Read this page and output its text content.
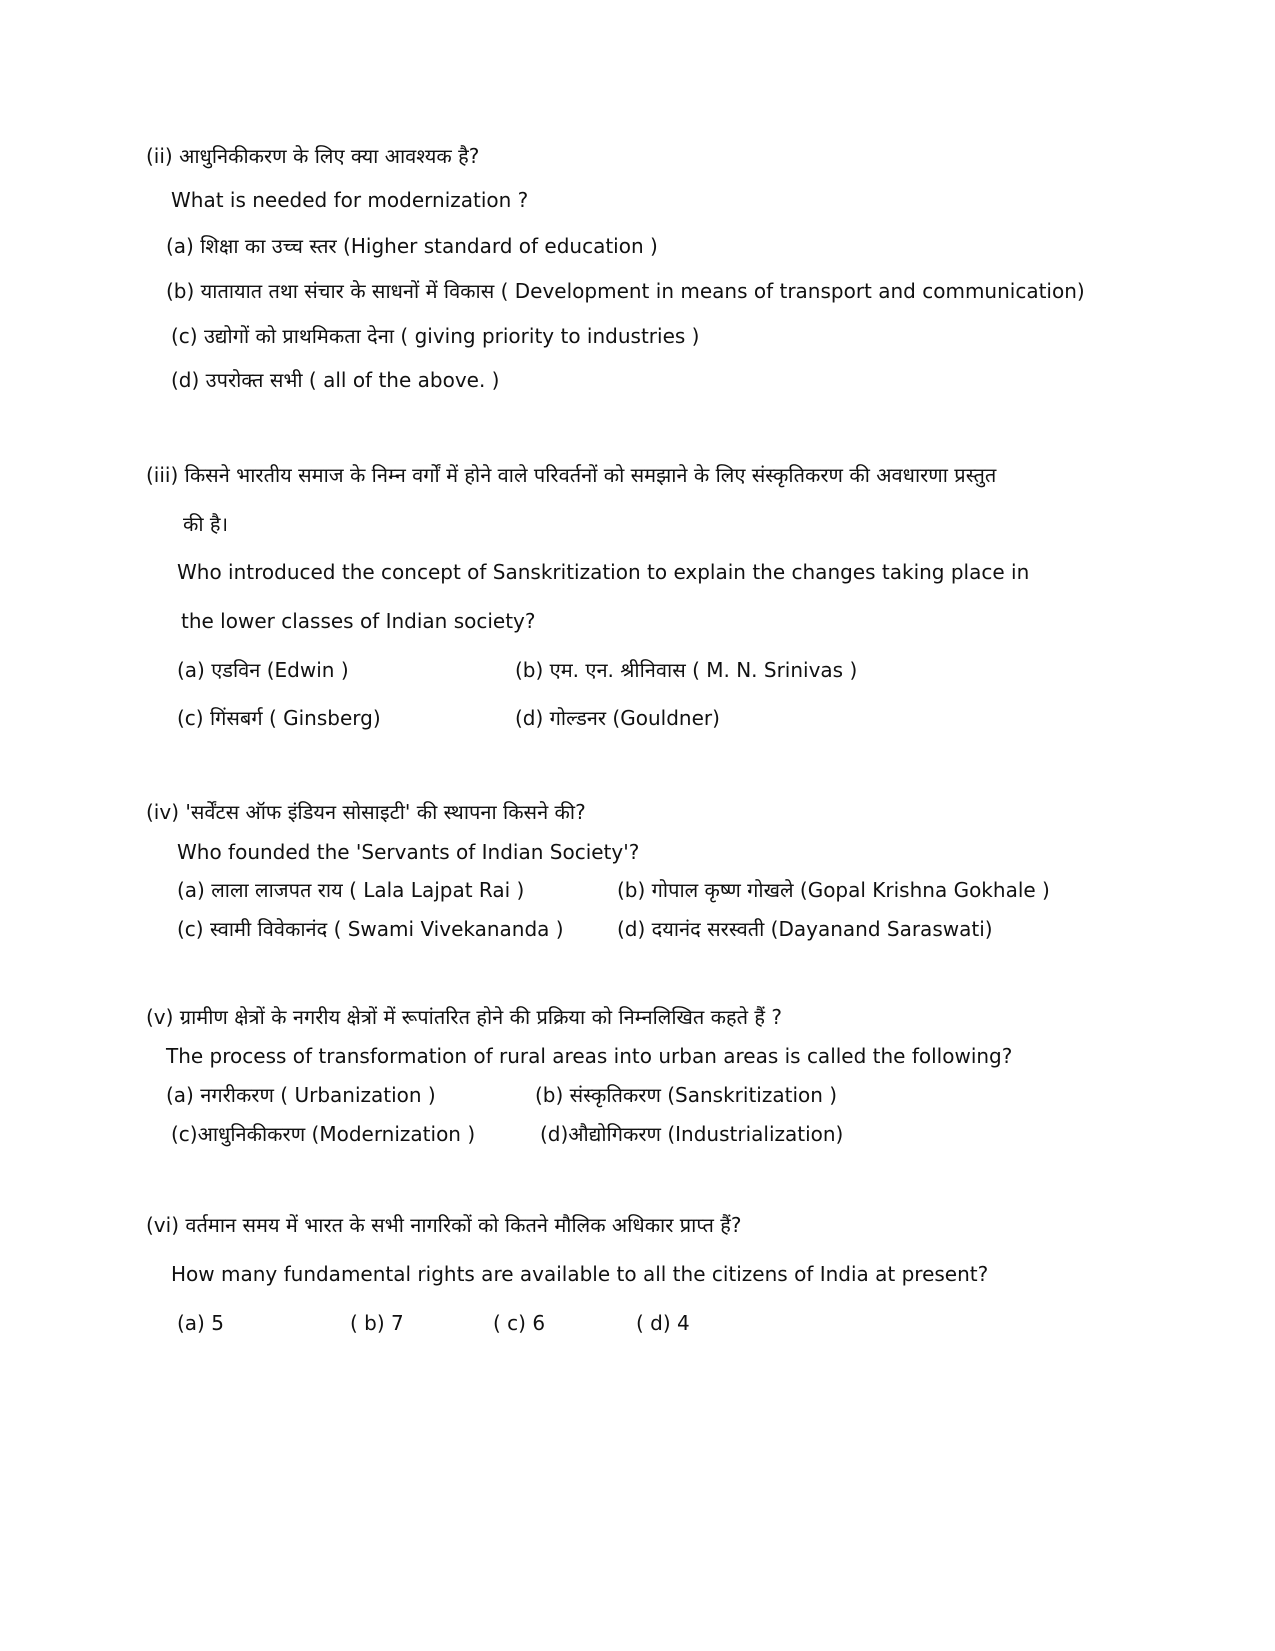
(ii) आधुनिकीकरण के लिए क्या आवश्यक है?
What is needed for modernization ?
(a) शिक्षा का उच्च स्तर (Higher standard of education )
(b) यातायात तथा संचार के साधनों में विकास ( Development in means of transport and communication)
(c) उद्योगों को प्राथमिकता देना ( giving priority to industries )
(d) उपरोक्त सभी ( all of the above. )
(iii) किसने भारतीय समाज के निम्न वर्गों में होने वाले परिवर्तनों को समझाने के लिए संस्कृतिकरण की अवधारणा प्रस्तुत
की है।
Who introduced the concept of Sanskritization to explain the changes taking place in
the lower classes of Indian society?
(a) एडविन (Edwin )	(b) एम. एन. श्रीनिवास ( M. N. Srinivas )
(c) गिंसबर्ग ( Ginsberg)	(d) गोल्डनर (Gouldner)
(iv) 'सर्वेंटस ऑफ इंडियन सोसाइटी' की स्थापना किसने की?
Who founded the 'Servants of Indian Society'?
(a) लाला लाजपत राय ( Lala Lajpat Rai )	(b) गोपाल कृष्ण गोखले (Gopal Krishna Gokhale )
(c) स्वामी विवेकानंद ( Swami Vivekananda )	(d) दयानंद सरस्वती (Dayanand Saraswati)
(v) ग्रामीण क्षेत्रों के नगरीय क्षेत्रों में रूपांतरित होने की प्रक्रिया को निम्नलिखित कहते हैं ?
The process of transformation of rural areas into urban areas is called the following?
(a) नगरीकरण ( Urbanization )	(b) संस्कृतिकरण (Sanskritization )
(c)आधुनिकीकरण (Modernization )	(d)औद्योगिकरण (Industrialization)
(vi) वर्तमान समय में भारत के सभी नागरिकों को कितने मौलिक अधिकार प्राप्त हैं?
How many fundamental rights are available to all the citizens of India at present?
(a) 5	( b) 7	( c) 6	( d) 4
